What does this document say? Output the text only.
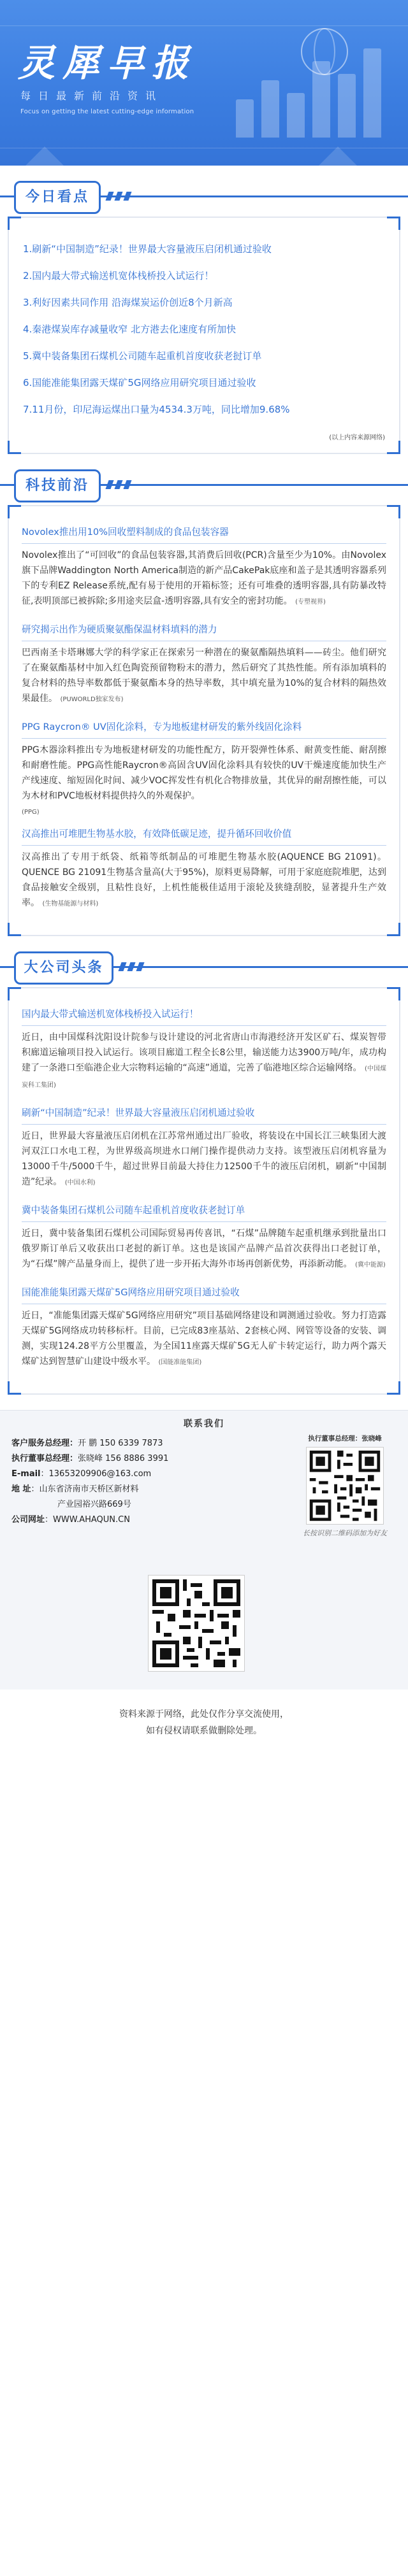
灵犀早报
每日最新前沿资讯
Focus on getting the latest cutting-edge information
今日看点
1.刷新“中国制造”纪录！世界最大容量液压启闭机通过验收
2.国内最大带式输送机宽体栈桥投入试运行！
3.利好因素共同作用 沿海煤炭运价创近8个月新高
4.秦港煤炭库存减量收窄 北方港去化速度有所加快
5.冀中装备集团石煤机公司随车起重机首度收获老挝订单
6.国能准能集团露天煤矿5G网络应用研究项目通过验收
7.11月份，印尼海运煤出口量为4534.3万吨，同比增加9.68%
(以上内容来源网络)
科技前沿
Novolex推出用10%回收塑料制成的食品包装容器
Novolex推出了“可回收”的食品包装容器,其消费后回收(PCR)含量至少为10%。由Novolex旗下品牌Waddington North America制造的新产品CakePak底座和盖子是其透明容器系列下的专利EZ Release系统,配有易于使用的开箱标签；还有可堆叠的透明容器,具有防暴改特征,表明顶部已被拆除;多用途夹层盒-透明容器,具有安全的密封功能。 (专塑视界)
研究揭示出作为硬质聚氨酯保温材料填料的潜力
巴西南圣卡塔琳娜大学的科学家正在探索另一种潜在的聚氨酯隔热填料——砖尘。他们研究了在聚氨酯基材中加入红色陶瓷预留物粉末的潜力，然后研究了其热性能。所有添加填料的复合材料的热导率数都低于聚氨酯本身的热导率数，其中填充量为10%的复合材料的隔热效果最佳。 (PUWORLD独家发布)
PPG Raycron® UV固化涂料，专为地板建材研发的紫外线固化涂料
PPG木器涂料推出专为地板建材研发的功能性配方，防开裂弹性体系、耐黄变性能、耐刮擦和耐磨性能。PPG高性能Raycron®高固含UV固化涂料具有较快的UV干燥速度能加快生产产线速度、缩短固化时间、减少VOC挥发性有机化合物排放量，其优异的耐刮擦性能，可以为木材和PVC地板材料提供持久的外观保护。
(PPG)
汉高推出可堆肥生物基水胶，有效降低碳足迹，提升循环回收价值
汉高推出了专用于纸袋、纸箱等纸制品的可堆肥生物基水胶(AQUENCE BG 21091)。QUENCE BG 21091生物基含量高(大于95%)，原料更易降解，可用于家庭庭院堆肥，达到食品接触安全级别，且粘性良好，上机性能极佳适用于滚轮及狭缝刮胶，显著提升生产效率。 (生物基能源与材料)
大公司头条
国内最大带式输送机宽体栈桥投入试运行！
近日，由中国煤科沈阳设计院参与设计建设的河北省唐山市海港经济开发区矿石、煤炭智带积廊道运输项目投入试运行。该项目廊道工程全长8公里，输送能力达3900万吨/年，成功构建了一条港口至临港企业大宗物料运输的“高速”通道，完善了临港地区综合运输网络。 (中国煤炭科工集团)
刷新“中国制造”纪录！世界最大容量液压启闭机通过验收
近日，世界最大容量液压启闭机在江苏常州通过出厂验收，将装设在中国长江三峡集团大渡河双江口水电工程，为世界级高坝进水口闸门操作提供动力支持。该型液压启闭机容量为13000千牛/5000千牛，超过世界目前最大持住力12500千牛的液压启闭机，刷新“中国制造”纪录。 (中国水利)
冀中装备集团石煤机公司随车起重机首度收获老挝订单
近日，冀中装备集团石煤机公司国际贸易再传喜讯，“石煤”品牌随车起重机继承到批量出口俄罗斯订单后又收获出口老挝的新订单。这也是该国产品牌产品首次获得出口老挝订单，为“石煤”牌产品量身而上，提供了进一步开拓大海外市场再创新优势，再添新动能。 (冀中能源)
国能准能集团露天煤矿5G网络应用研究项目通过验收
近日，“准能集团露天煤矿5G网络应用研究”项目基础网络建设和调测通过验收。努力打造露天煤矿5G网络成功转移标杆。目前，已完成83座基站、2套核心网、网管等设备的安装、调测，实现124.28平方公里覆盖，为全国11座露天煤矿5G无人矿卡转定运行，助力两个露天煤矿达到智慧矿山建设中级水平。 (国能准能集团)
联系我们
客户服务总经理：开 鹏 150 6339 7873
执行董事总经理：张晓峰 156 8886 3991
E-mail：13653209906@163.com
地 址：山东省济南市天桥区新材料
产业园裕兴路669号
公司网址：WWW.AHAQUN.CN
执行董事总经理：张晓峰
长按识别二维码添加为好友
资料来源于网络，此处仅作分享交流使用，
如有侵权请联系做删除处理。
